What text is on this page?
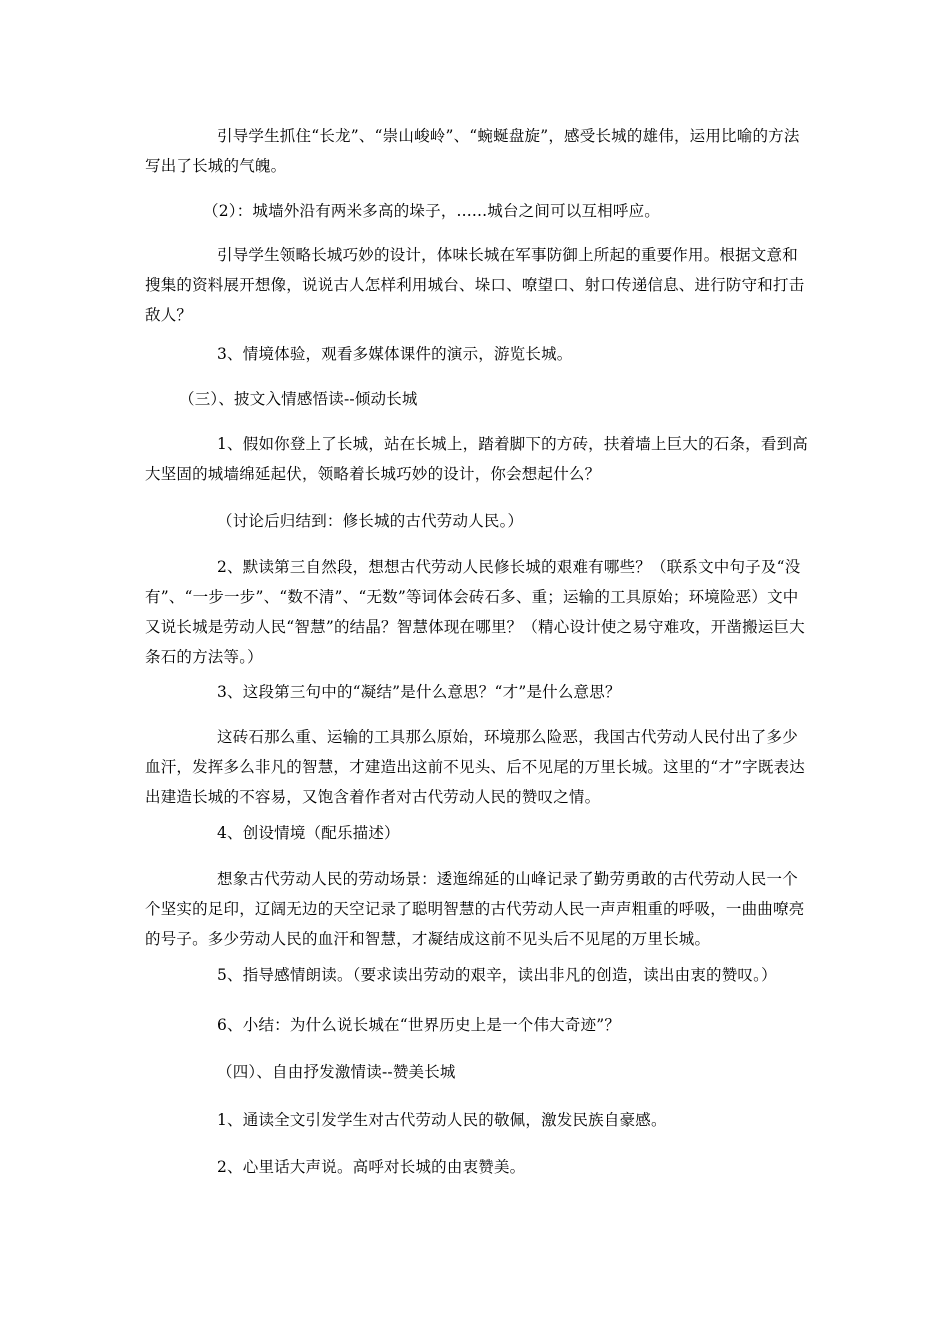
引导学生抓住“长龙”、“崇山峻岭”、“蜿蜒盘旋”，感受长城的雄伟，运用比喻的方法写出了长城的气魄。

（2）：城墙外沿有两米多高的垛子，......城台之间可以互相呼应。

引导学生领略长城巧妙的设计，体味长城在军事防御上所起的重要作用。根据文意和搜集的资料展开想像，说说古人怎样利用城台、垛口、嘹望口、射口传递信息、进行防守和打击敌人？

3、情境体验，观看多媒体课件的演示，游览长城。

（三）、披文入情感悟读--倾动长城

1、假如你登上了长城，站在长城上，踏着脚下的方砖，扶着墙上巨大的石条，看到高大坚固的城墙绵延起伏，领略着长城巧妙的设计，你会想起什么？

（讨论后归结到：修长城的古代劳动人民。）

2、默读第三自然段，想想古代劳动人民修长城的艰难有哪些？（联系文中句子及“没有”、“一步一步”、“数不清”、“无数”等词体会砖石多、重；运输的工具原始；环境险恶）文中又说长城是劳动人民“智慧”的结晶？智慧体现在哪里？（精心设计使之易守难攻，开凿搬运巨大条石的方法等。）

3、这段第三句中的“凝结”是什么意思？“才”是什么意思？

这砖石那么重、运输的工具那么原始，环境那么险恶，我国古代劳动人民付出了多少血汗，发挥多么非凡的智慧，才建造出这前不见头、后不见尾的万里长城。这里的“才”字既表达出建造长城的不容易，又饱含着作者对古代劳动人民的赞叹之情。

4、创设情境（配乐描述）

想象古代劳动人民的劳动场景：逶迤绵延的山峰记录了勤劳勇敢的古代劳动人民一个个坚实的足印，辽阔无边的天空记录了聪明智慧的古代劳动人民一声声粗重的呼吸，一曲曲嘹亮的号子。多少劳动人民的血汗和智慧，才凝结成这前不见头后不见尾的万里长城。

5、指导感情朗读。（要求读出劳动的艰辛，读出非凡的创造，读出由衷的赞叹。）

6、小结：为什么说长城在“世界历史上是一个伟大奇迹”？

（四）、自由抒发激情读--赞美长城

1、通读全文引发学生对古代劳动人民的敬佩，激发民族自豪感。

2、心里话大声说。高呼对长城的由衷赞美。
